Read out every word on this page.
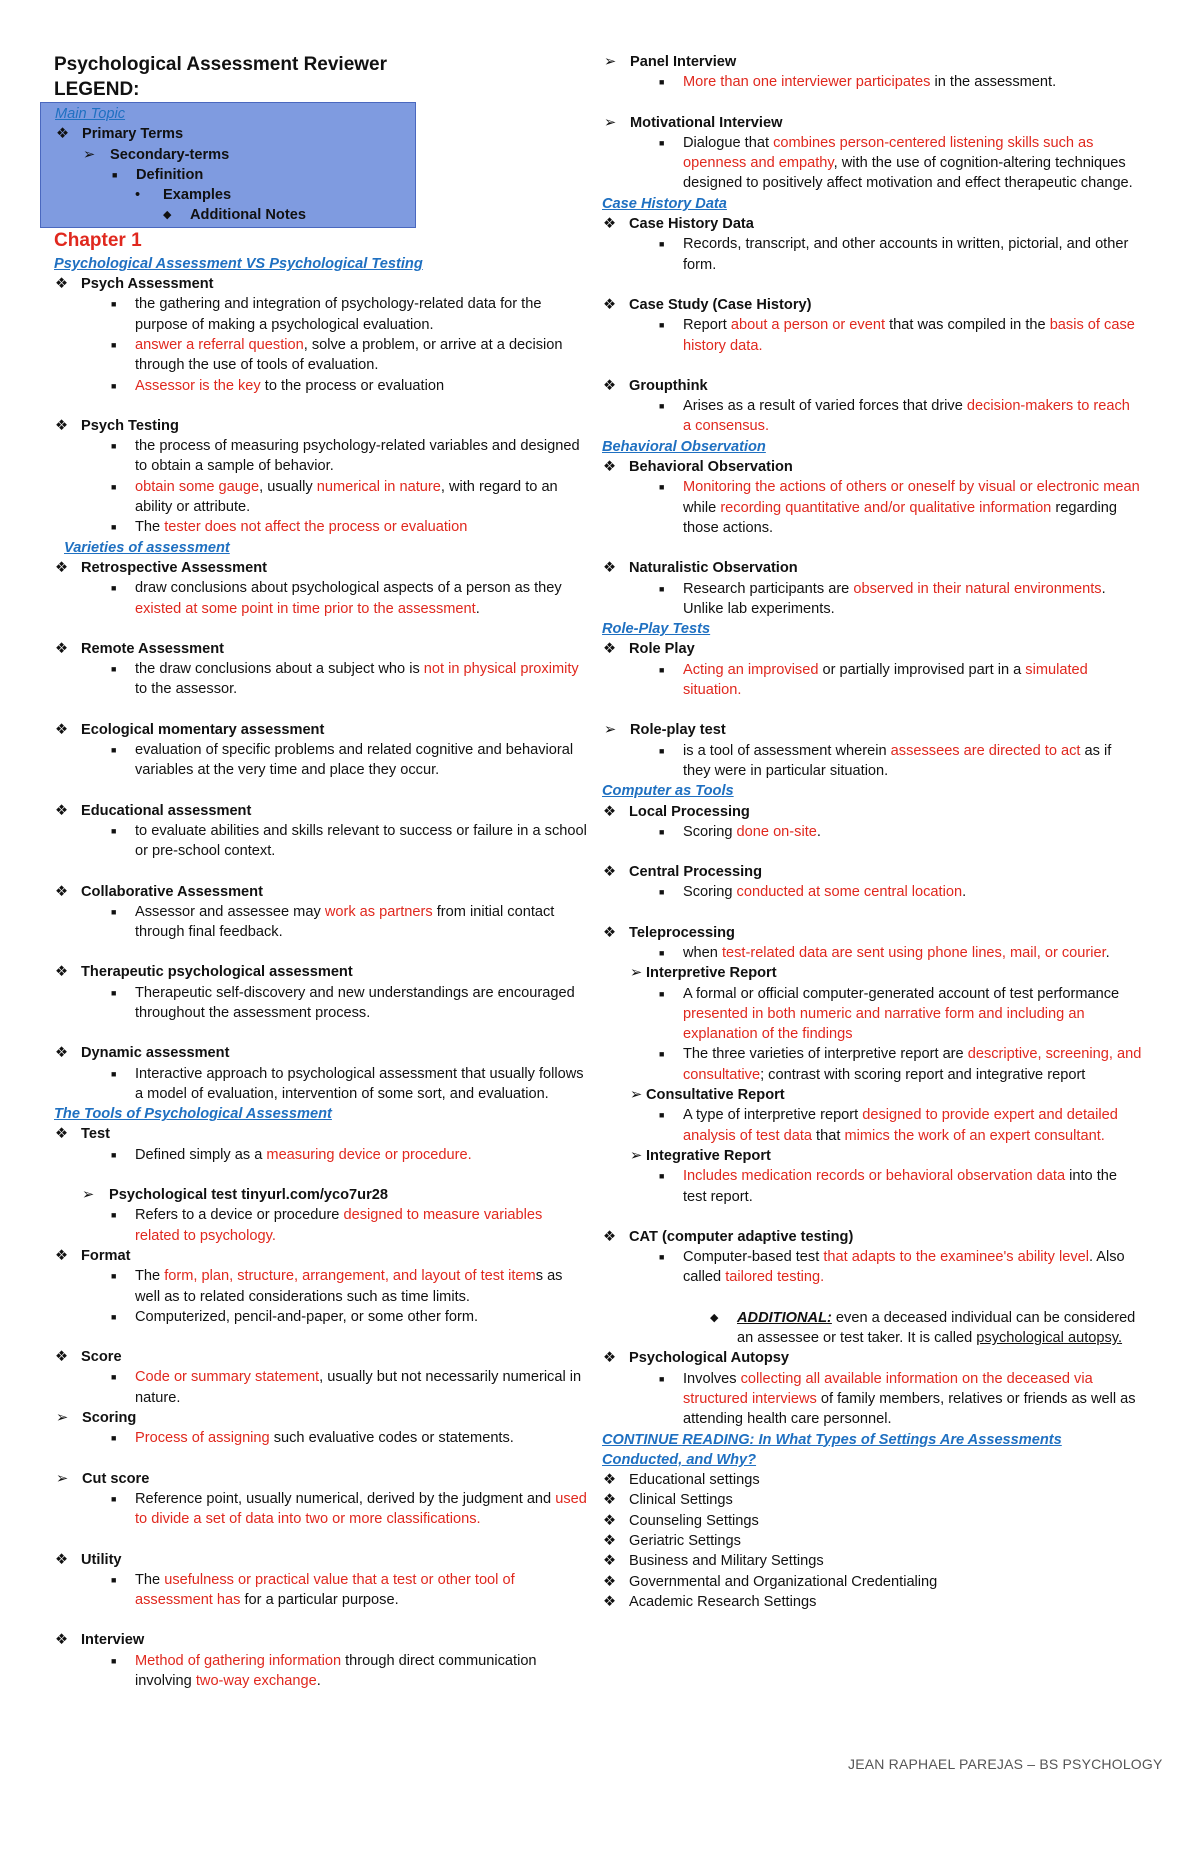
Psychological Assessment Reviewer
LEGEND:
Main Topic
❖ Primary Terms
➢ Secondary-terms
■ Definition
• Examples
◆ Additional Notes
Chapter 1
Psychological Assessment VS Psychological Testing
❖ Psych Assessment
■ the gathering and integration of psychology-related data for the purpose of making a psychological evaluation.
■ answer a referral question, solve a problem, or arrive at a decision through the use of tools of evaluation.
■ Assessor is the key to the process or evaluation
❖ Psych Testing
■ the process of measuring psychology-related variables and designed to obtain a sample of behavior.
■ obtain some gauge, usually numerical in nature, with regard to an ability or attribute.
■ The tester does not affect the process or evaluation
Varieties of assessment
❖ Retrospective Assessment
■ draw conclusions about psychological aspects of a person as they existed at some point in time prior to the assessment.
❖ Remote Assessment
■ the draw conclusions about a subject who is not in physical proximity to the assessor.
❖ Ecological momentary assessment
■ evaluation of specific problems and related cognitive and behavioral variables at the very time and place they occur.
❖ Educational assessment
■ to evaluate abilities and skills relevant to success or failure in a school or pre-school context.
❖ Collaborative Assessment
■ Assessor and assessee may work as partners from initial contact through final feedback.
❖ Therapeutic psychological assessment
■ Therapeutic self-discovery and new understandings are encouraged throughout the assessment process.
❖ Dynamic assessment
■ Interactive approach to psychological assessment that usually follows a model of evaluation, intervention of some sort, and evaluation.
The Tools of Psychological Assessment
❖ Test
■ Defined simply as a measuring device or procedure.
➢ Psychological test tinyurl.com/yco7ur28
■ Refers to a device or procedure designed to measure variables related to psychology.
❖ Format
■ The form, plan, structure, arrangement, and layout of test items as well as to related considerations such as time limits.
■ Computerized, pencil-and-paper, or some other form.
❖ Score
■ Code or summary statement, usually but not necessarily numerical in nature.
➢ Scoring
■ Process of assigning such evaluative codes or statements.
➢ Cut score
■ Reference point, usually numerical, derived by the judgment and used to divide a set of data into two or more classifications.
❖ Utility
■ The usefulness or practical value that a test or other tool of assessment has for a particular purpose.
❖ Interview
■ Method of gathering information through direct communication involving two-way exchange.
➢ Panel Interview
■ More than one interviewer participates in the assessment.
➢ Motivational Interview
■ Dialogue that combines person-centered listening skills such as openness and empathy, with the use of cognition-altering techniques designed to positively affect motivation and effect therapeutic change.
Case History Data
❖ Case History Data
■ Records, transcript, and other accounts in written, pictorial, and other form.
❖ Case Study (Case History)
■ Report about a person or event that was compiled in the basis of case history data.
❖ Groupthink
■ Arises as a result of varied forces that drive decision-makers to reach a consensus.
Behavioral Observation
❖ Behavioral Observation
■ Monitoring the actions of others or oneself by visual or electronic mean while recording quantitative and/or qualitative information regarding those actions.
❖ Naturalistic Observation
■ Research participants are observed in their natural environments. Unlike lab experiments.
Role-Play Tests
❖ Role Play
■ Acting an improvised or partially improvised part in a simulated situation.
➢ Role-play test
■ is a tool of assessment wherein assessees are directed to act as if they were in particular situation.
Computer as Tools
❖ Local Processing
■ Scoring done on-site.
❖ Central Processing
■ Scoring conducted at some central location.
❖ Teleprocessing
■ when test-related data are sent using phone lines, mail, or courier.
➢ Interpretive Report
■ A formal or official computer-generated account of test performance presented in both numeric and narrative form and including an explanation of the findings
■ The three varieties of interpretive report are descriptive, screening, and consultative; contrast with scoring report and integrative report
➢ Consultative Report
■ A type of interpretive report designed to provide expert and detailed analysis of test data that mimics the work of an expert consultant.
➢ Integrative Report
■ Includes medication records or behavioral observation data into the test report.
❖ CAT (computer adaptive testing)
■ Computer-based test that adapts to the examinee's ability level. Also called tailored testing.
◆ ADDITIONAL: even a deceased individual can be considered an assessee or test taker. It is called psychological autopsy.
❖ Psychological Autopsy
■ Involves collecting all available information on the deceased via structured interviews of family members, relatives or friends as well as attending health care personnel.
CONTINUE READING: In What Types of Settings Are Assessments Conducted, and Why?
❖ Educational settings
❖ Clinical Settings
❖ Counseling Settings
❖ Geriatric Settings
❖ Business and Military Settings
❖ Governmental and Organizational Credentialing
❖ Academic Research Settings
JEAN RAPHAEL PAREJAS – BS PSYCHOLOGY
